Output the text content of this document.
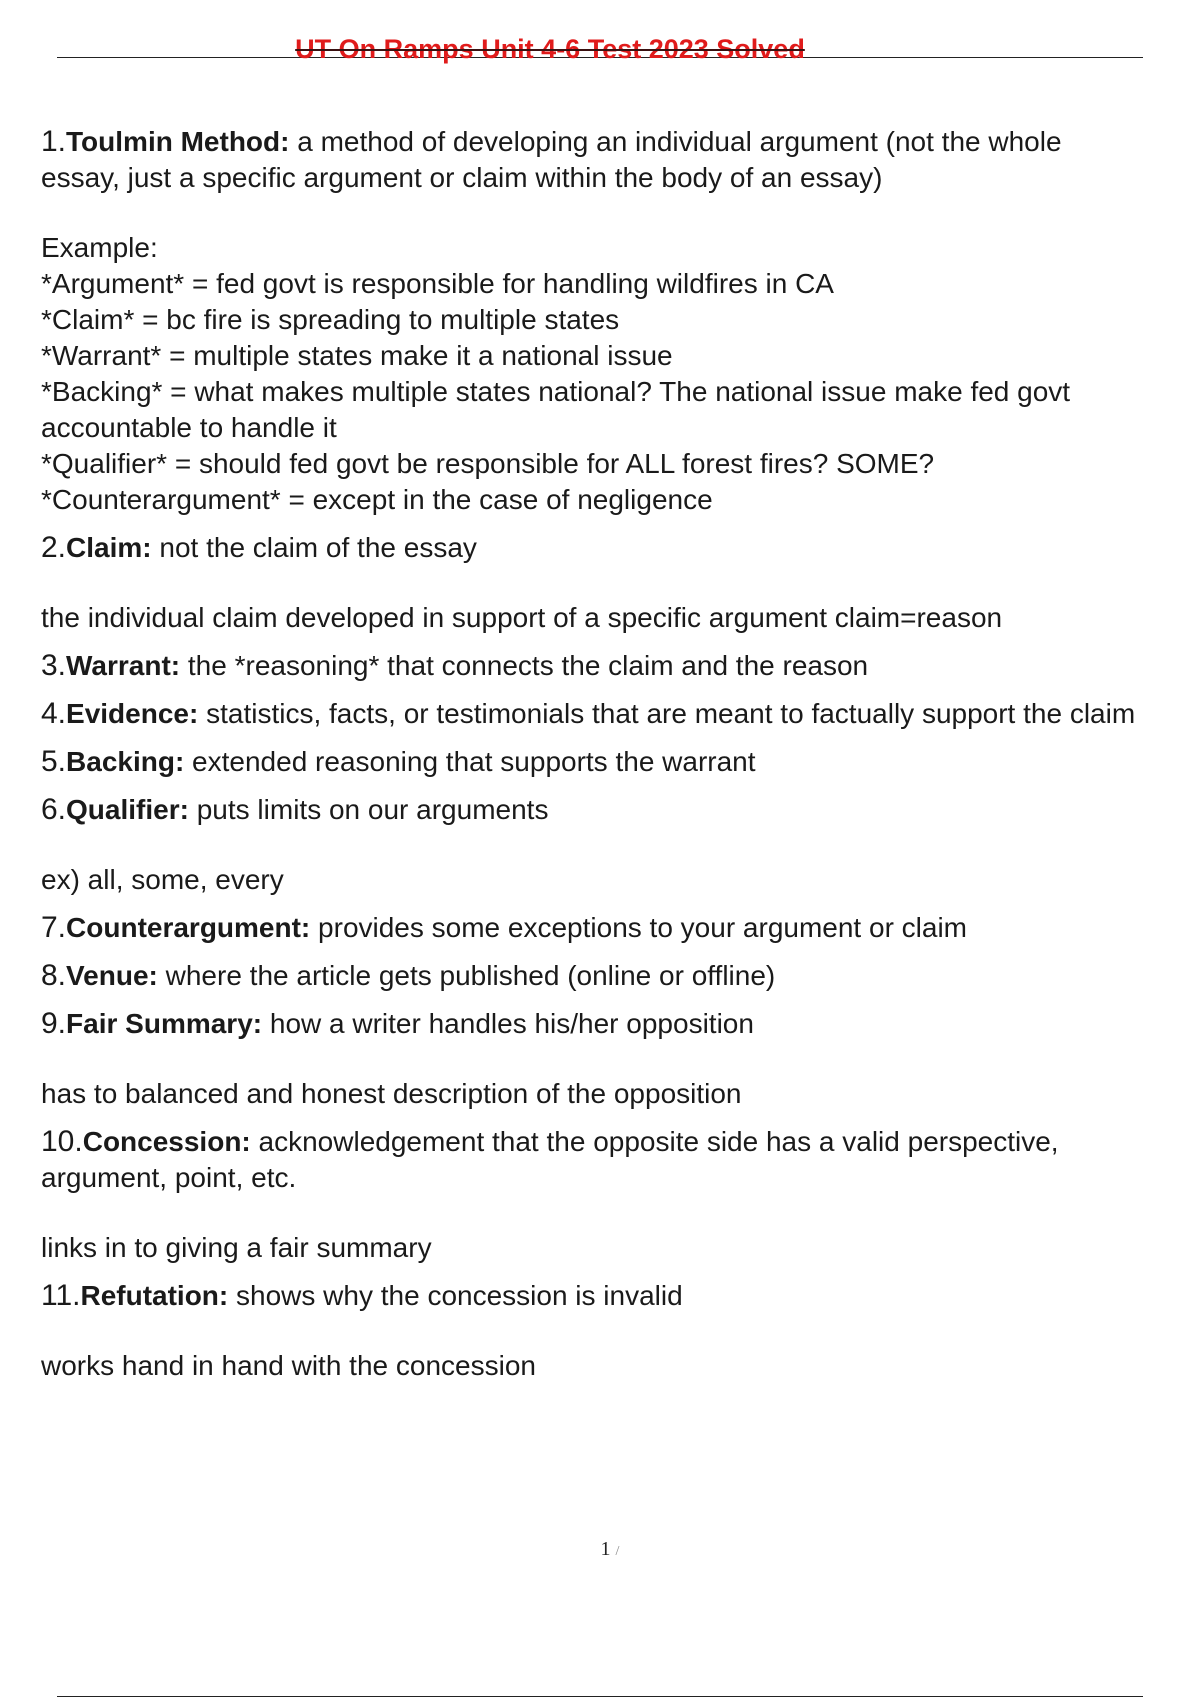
UT On Ramps Unit 4-6 Test 2023 Solved

1.Toulmin Method: a method of developing an individual argument (not the whole essay, just a specific argument or claim within the body of an essay)

Example:

*Argument* = fed govt is responsible for handling wildfires in CA

*Claim* = bc fire is spreading to multiple states

*Warrant* = multiple states make it a national issue

*Backing* = what makes multiple states national? The national issue make fed govt accountable to handle it

*Qualifier* = should fed govt be responsible for ALL forest fires? SOME?

*Counterargument* = except in the case of negligence

2.Claim: not the claim of the essay

the individual claim developed in support of a specific argument claim=reason

3.Warrant: the *reasoning* that connects the claim and the reason

4.Evidence: statistics, facts, or testimonials that are meant to factually support the claim

5.Backing: extended reasoning that supports the warrant

6.Qualifier: puts limits on our arguments

ex) all, some, every

7.Counterargument: provides some exceptions to your argument or claim

8.Venue: where the article gets published (online or offline)

9.Fair Summary: how a writer handles his/her opposition

has to balanced and honest description of the opposition

10.Concession: acknowledgement that the opposite side has a valid perspective, argument, point, etc.

links in to giving a fair summary

11.Refutation: shows why the concession is invalid

works hand in hand with the concession

1 /
